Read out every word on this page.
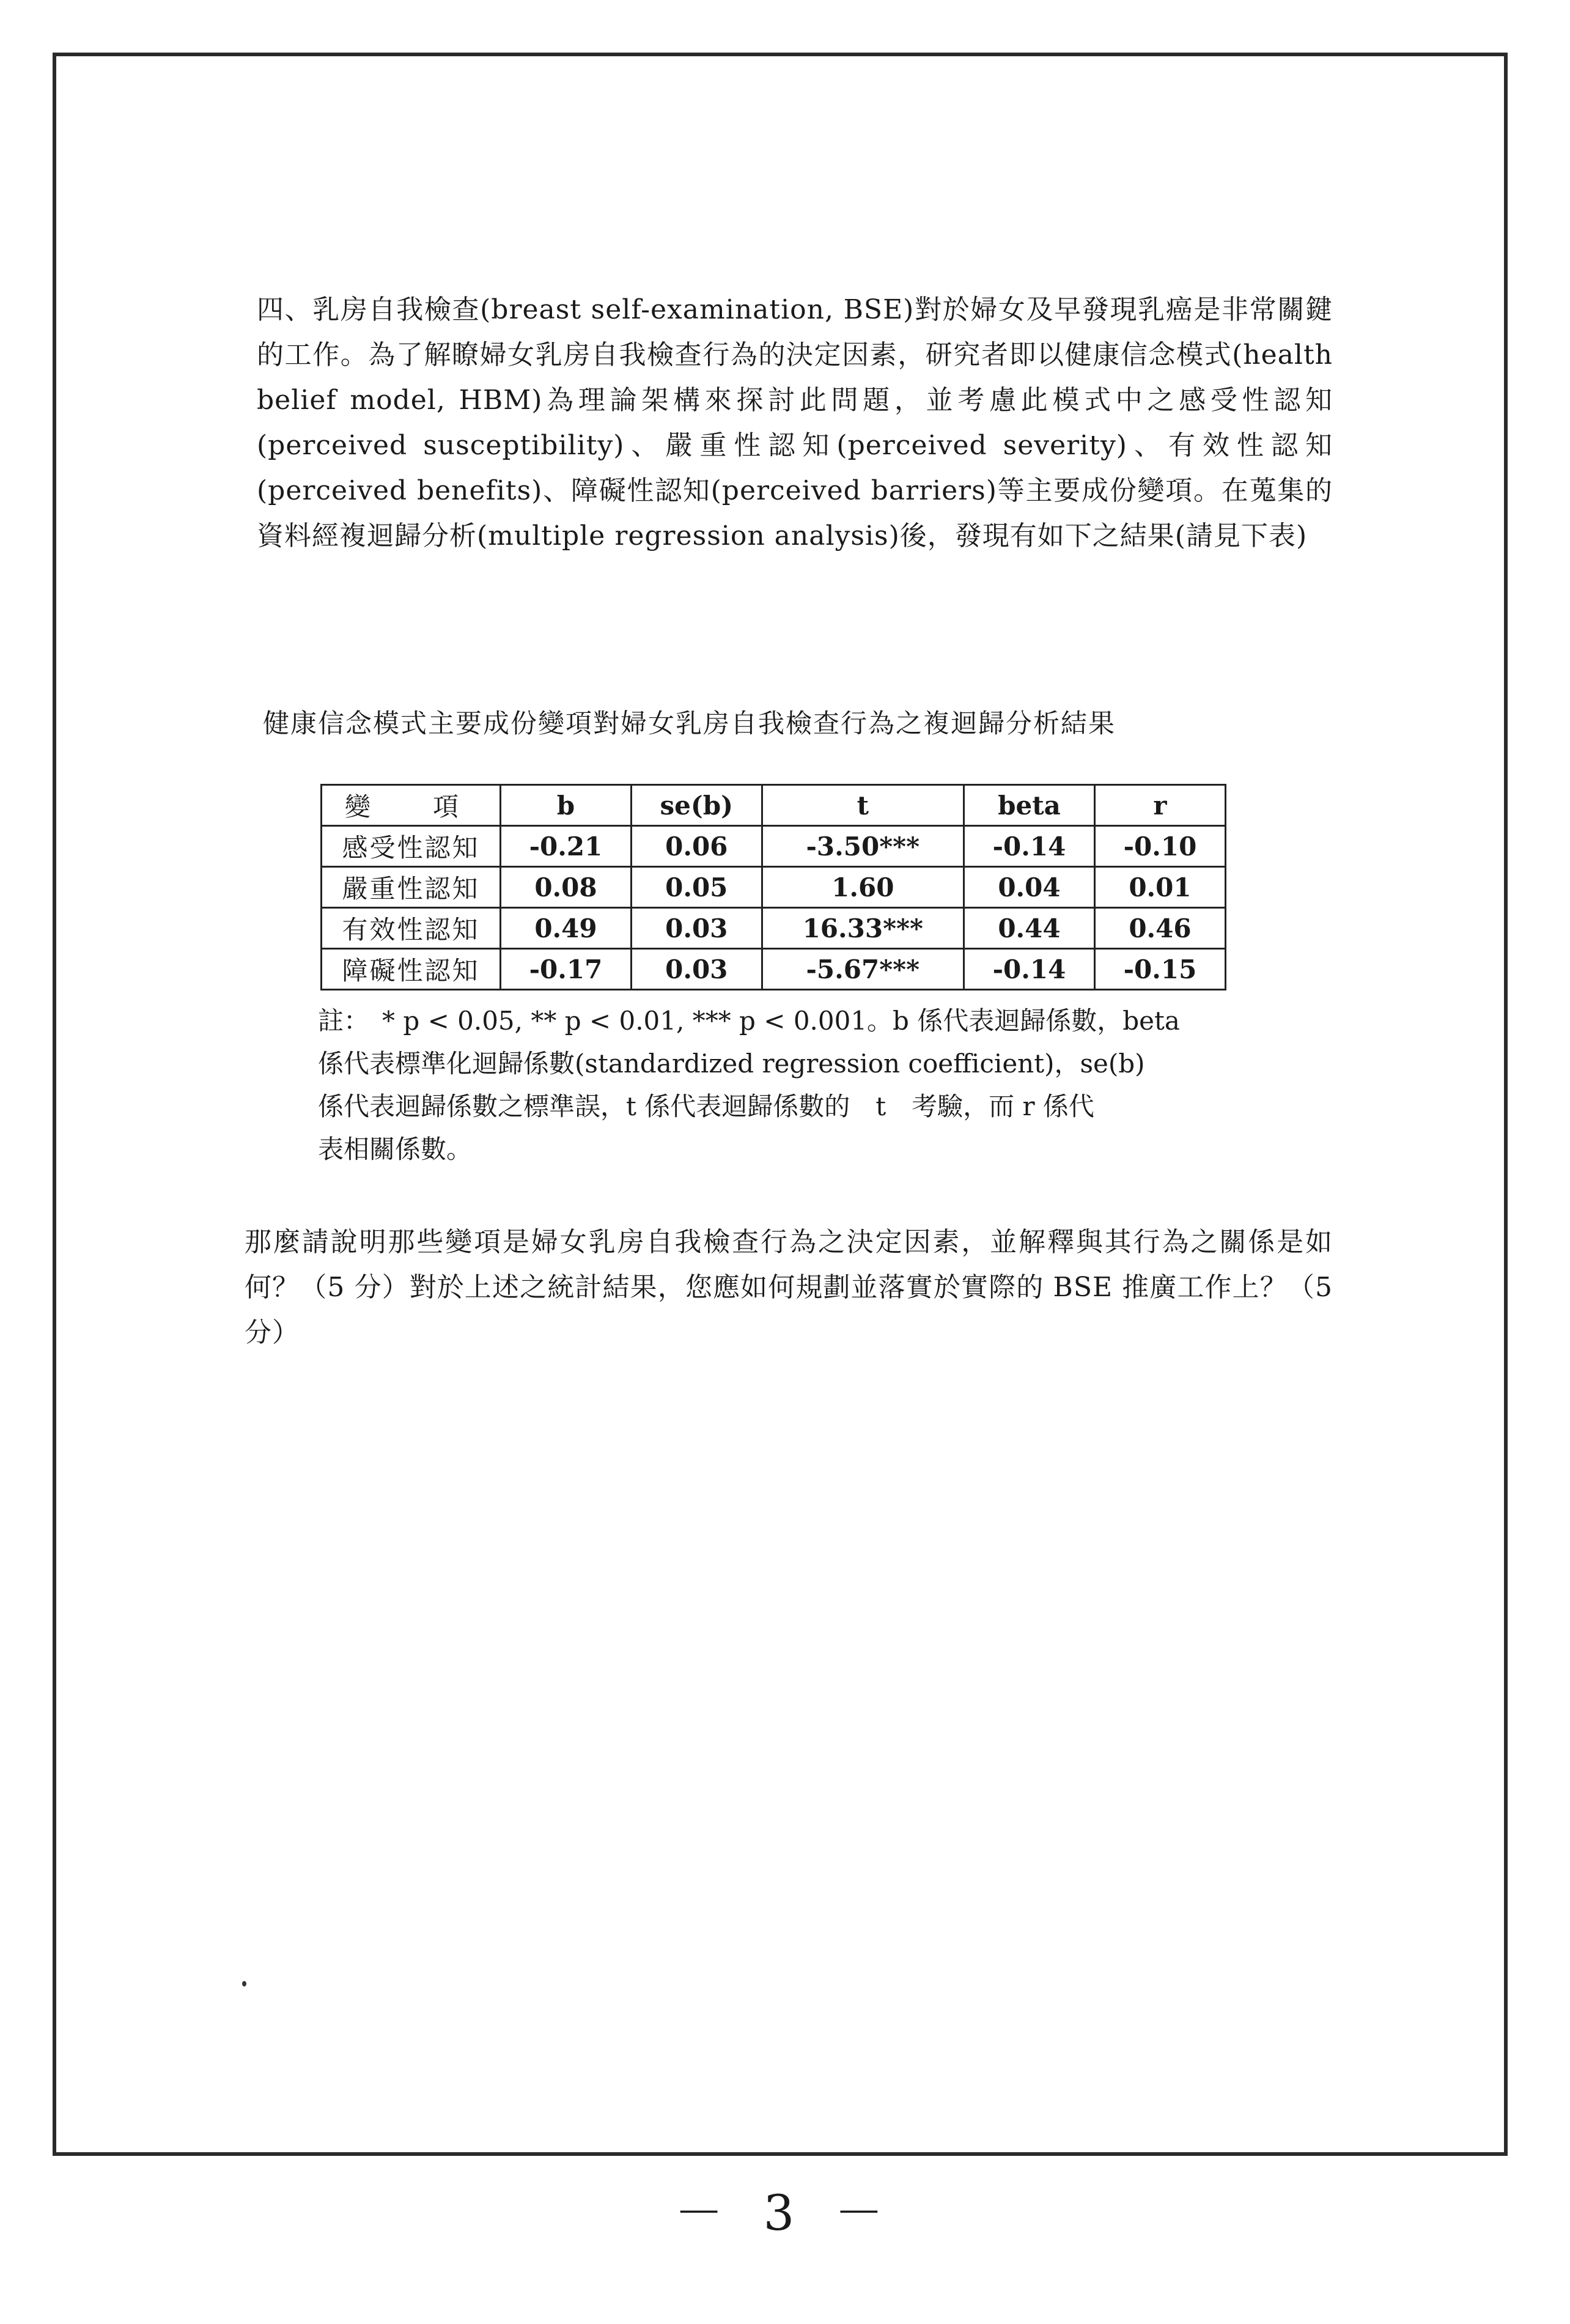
四、乳房自我檢查(breast self-examination, BSE)對於婦女及早發現乳癌是非常關鍵的工作。為了解瞭婦女乳房自我檢查行為的決定因素，研究者即以健康信念模式(health belief model, HBM)為理論架構來探討此問題，並考慮此模式中之感受性認知(perceived susceptibility)、嚴重性認知(perceived severity)、有效性認知(perceived benefits)、障礙性認知(perceived barriers)等主要成份變項。在蒐集的資料經複迴歸分析(multiple regression analysis)後，發現有如下之結果(請見下表)
健康信念模式主要成份變項對婦女乳房自我檢查行為之複迴歸分析結果
變　項	b	se(b)	t	beta	r
感受性認知	-0.21	0.06	-3.50***	-0.14	-0.10
嚴重性認知	0.08	0.05	1.60	0.04	0.01
有效性認知	0.49	0.03	16.33***	0.44	0.46
障礙性認知	-0.17	0.03	-5.67***	-0.14	-0.15
註：　* p < 0.05, ** p < 0.01, *** p < 0.001。b 係代表迴歸係數，beta
係代表標準化迴歸係數(standardized regression coefficient)，se(b)
係代表迴歸係數之標準誤，t 係代表迴歸係數的　t　考驗，而 r 係代
表相關係數。
那麼請說明那些變項是婦女乳房自我檢查行為之決定因素，並解釋與其行為之關係是如何？（5 分）對於上述之統計結果，您應如何規劃並落實於實際的 BSE 推廣工作上？（5分）
－ 3 －
